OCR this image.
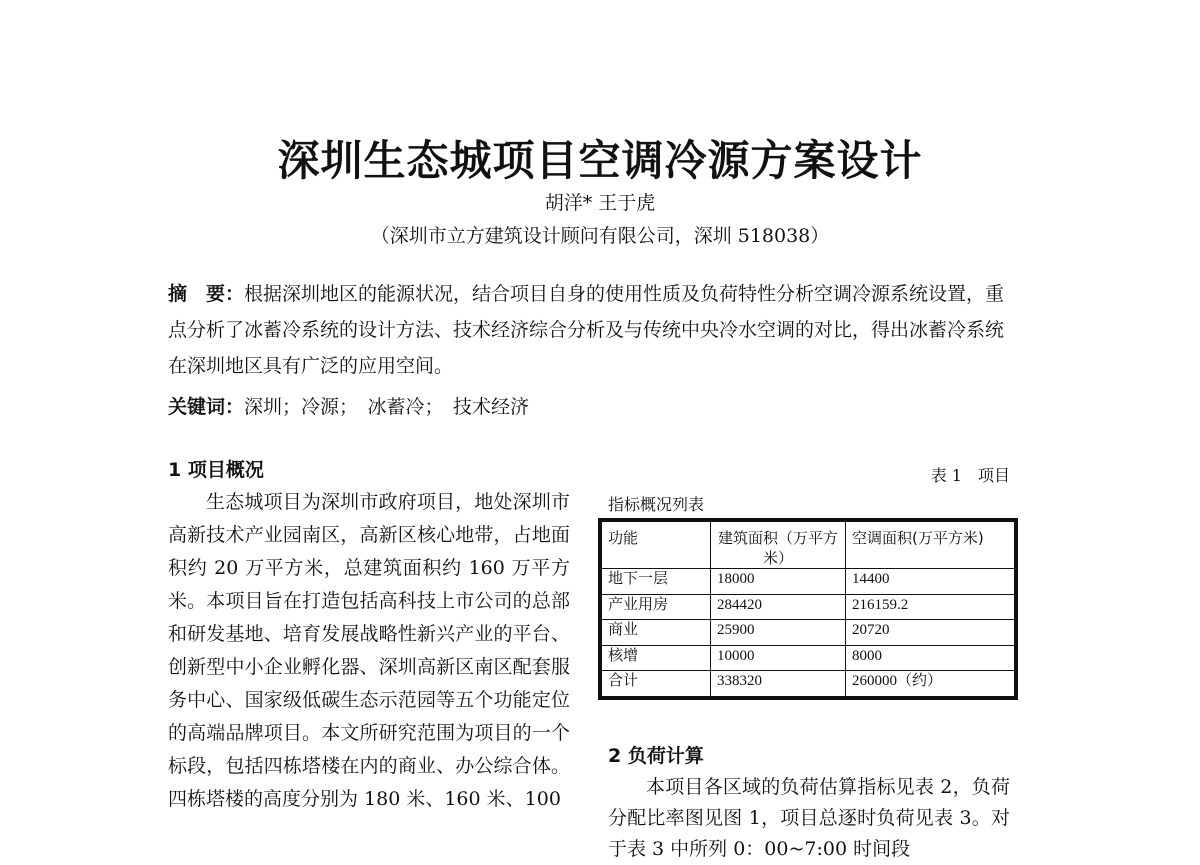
深圳生态城项目空调冷源方案设计
胡洋* 王于虎
（深圳市立方建筑设计顾问有限公司，深圳 518038）
摘　要：根据深圳地区的能源状况，结合项目自身的使用性质及负荷特性分析空调冷源系统设置，重点分析了冰蓄冷系统的设计方法、技术经济综合分析及与传统中央冷水空调的对比，得出冰蓄冷系统在深圳地区具有广泛的应用空间。
关键词：深圳；冷源；　冰蓄冷；　技术经济
1 项目概况

生态城项目为深圳市政府项目，地处深圳市高新技术产业园南区，高新区核心地带，占地面积约 20 万平方米，总建筑面积约 160 万平方米。本项目旨在打造包括高科技上市公司的总部和研发基地、培育发展战略性新兴产业的平台、创新型中小企业孵化器、深圳高新区南区配套服务中心、国家级低碳生态示范园等五个功能定位的高端品牌项目。本文所研究范围为项目的一个标段，包括四栋塔楼在内的商业、办公综合体。四栋塔楼的高度分别为 180 米、160 米、100

表 1　项目
指标概况列表
功能	建筑面积（万平方米）	空调面积(万平方米)
地下一层	18000	14400
产业用房	284420	216159.2
商业	25900	20720
核增	10000	8000
合计	338320	260000（约）
2 负荷计算

本项目各区域的负荷估算指标见表 2，负荷分配比率图见图 1，项目总逐时负荷见表 3。对于表 3 中所列 0：00~7:00 时间段
